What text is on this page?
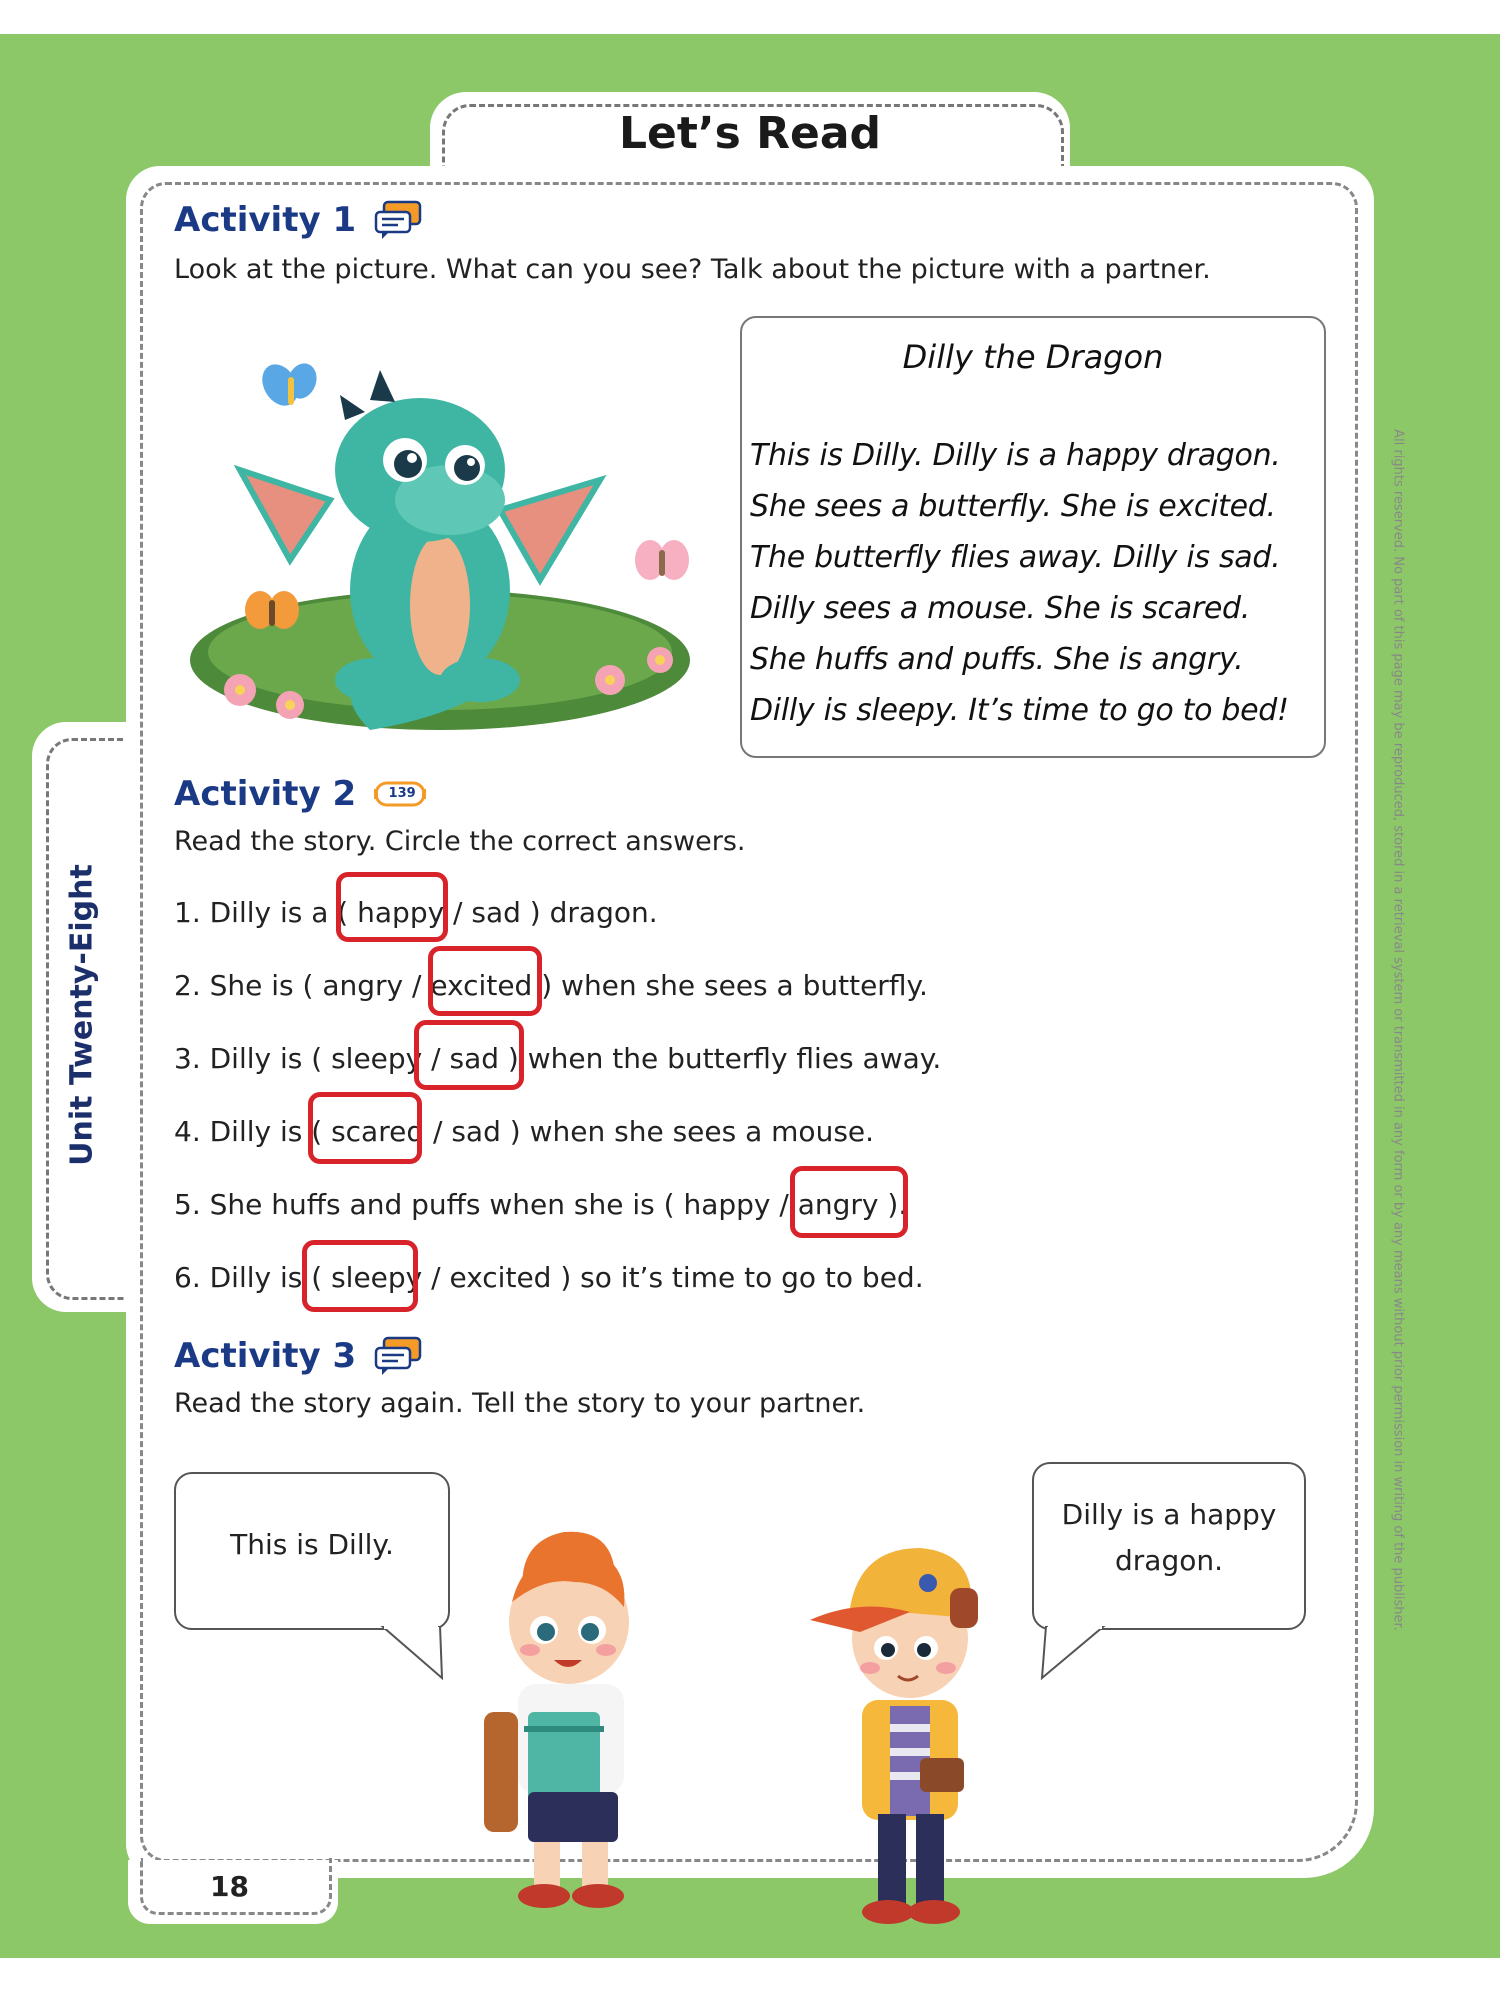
Let’s Read
Unit Twenty-Eight
18
All rights reserved. No part of this page may be reproduced, stored in a retrieval system or transmitted in any form or by any means without prior permission in writing of the publisher.
Activity 1
Look at the picture. What can you see? Talk about the picture with a partner.
Dilly the Dragon
This is Dilly. Dilly is a happy dragon.
She sees a butterfly. She is excited.
The butterfly flies away. Dilly is sad.
Dilly sees a mouse. She is scared.
She huffs and puffs. She is angry.
Dilly is sleepy. It’s time to go to bed!
Activity 2	139
Read the story. Circle the correct answers.
1. Dilly is a ( happy / sad ) dragon.
2. She is ( angry / excited ) when she sees a butterfly.
3. Dilly is ( sleepy / sad ) when the butterfly flies away.
4. Dilly is ( scared / sad ) when she sees a mouse.
5. She huffs and puffs when she is ( happy / angry ).
6. Dilly is ( sleepy / excited ) so it’s time to go to bed.
Activity 3
Read the story again. Tell the story to your partner.
This is Dilly.
Dilly is a happy
dragon.
